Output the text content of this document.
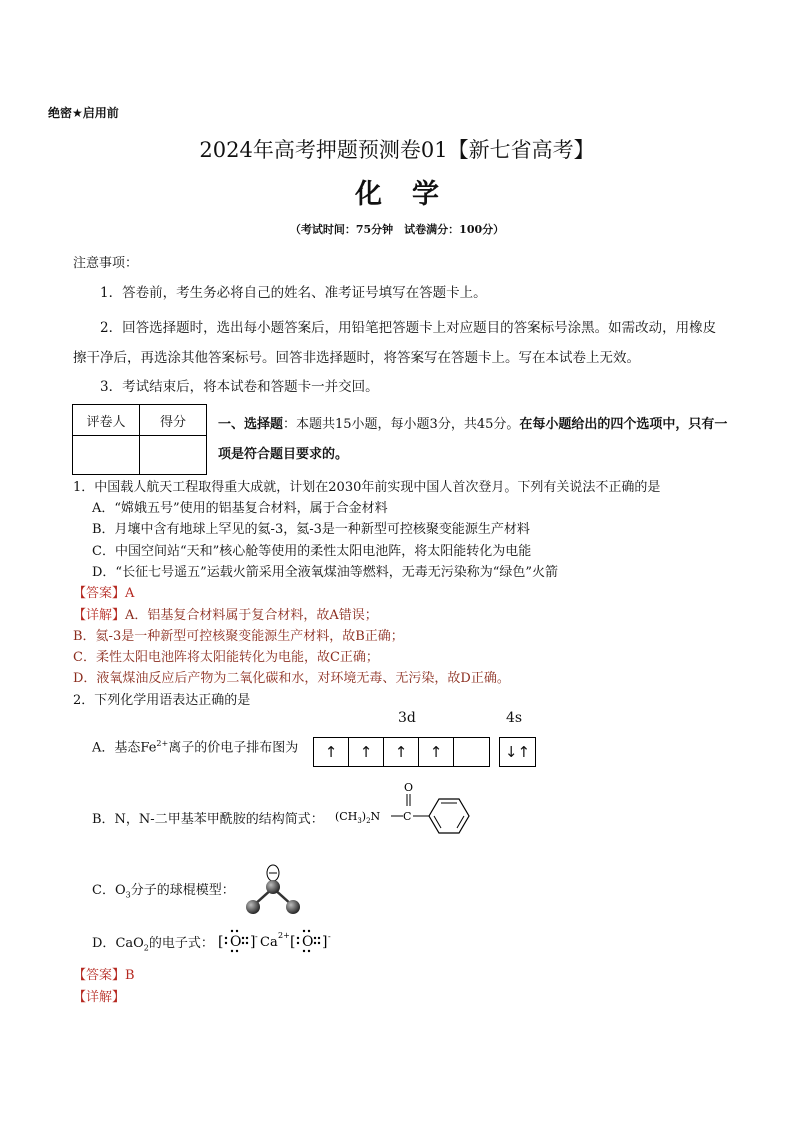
绝密★启用前
2024年高考押题预测卷01【新七省高考】
化学
（考试时间：75分钟　试卷满分：100分）
注意事项：
1．答卷前，考生务必将自己的姓名、准考证号填写在答题卡上。
2．回答选择题时，选出每小题答案后，用铅笔把答题卡上对应题目的答案标号涂黑。如需改动，用橡皮擦干净后，再选涂其他答案标号。回答非选择题时，将答案写在答题卡上。写在本试卷上无效。
3．考试结束后，将本试卷和答题卡一并交回。
评卷人	得分
	一、选择题：本题共15小题，每小题3分，共45分。在每小题给出的四个选项中，只有一项是符合题目要求的。
1．中国载人航天工程取得重大成就，计划在2030年前实现中国人首次登月。下列有关说法不正确的是
A．“嫦娥五号”使用的铝基复合材料，属于合金材料
B．月壤中含有地球上罕见的氦-3，氦-3是一种新型可控核聚变能源生产材料
C．中国空间站“天和”核心舱等使用的柔性太阳电池阵，将太阳能转化为电能
D．“长征七号遥五”运载火箭采用全液氧煤油等燃料，无毒无污染称为“绿色”火箭
【答案】A
【详解】A．铝基复合材料属于复合材料，故A错误；
B．氦-3是一种新型可控核聚变能源生产材料，故B正确；
C．柔性太阳电池阵将太阳能转化为电能，故C正确；
D．液氧煤油反应后产物为二氧化碳和水，对环境无毒、无污染，故D正确。
2．下列化学用语表达正确的是
3d	4s
A．基态$Fe^{2+}$离子的价电子排布图为	↑	↑	↑	↑	↓↑
B．N，N-二甲基苯甲酰胺的结构简式： $(CH_3)_2N$ C
O
C．$O_3$分子的球棍模型：
D．CaO$_2$的电子式： [ O ] - Ca 2+ [ O ] -
【答案】B
【详解】
